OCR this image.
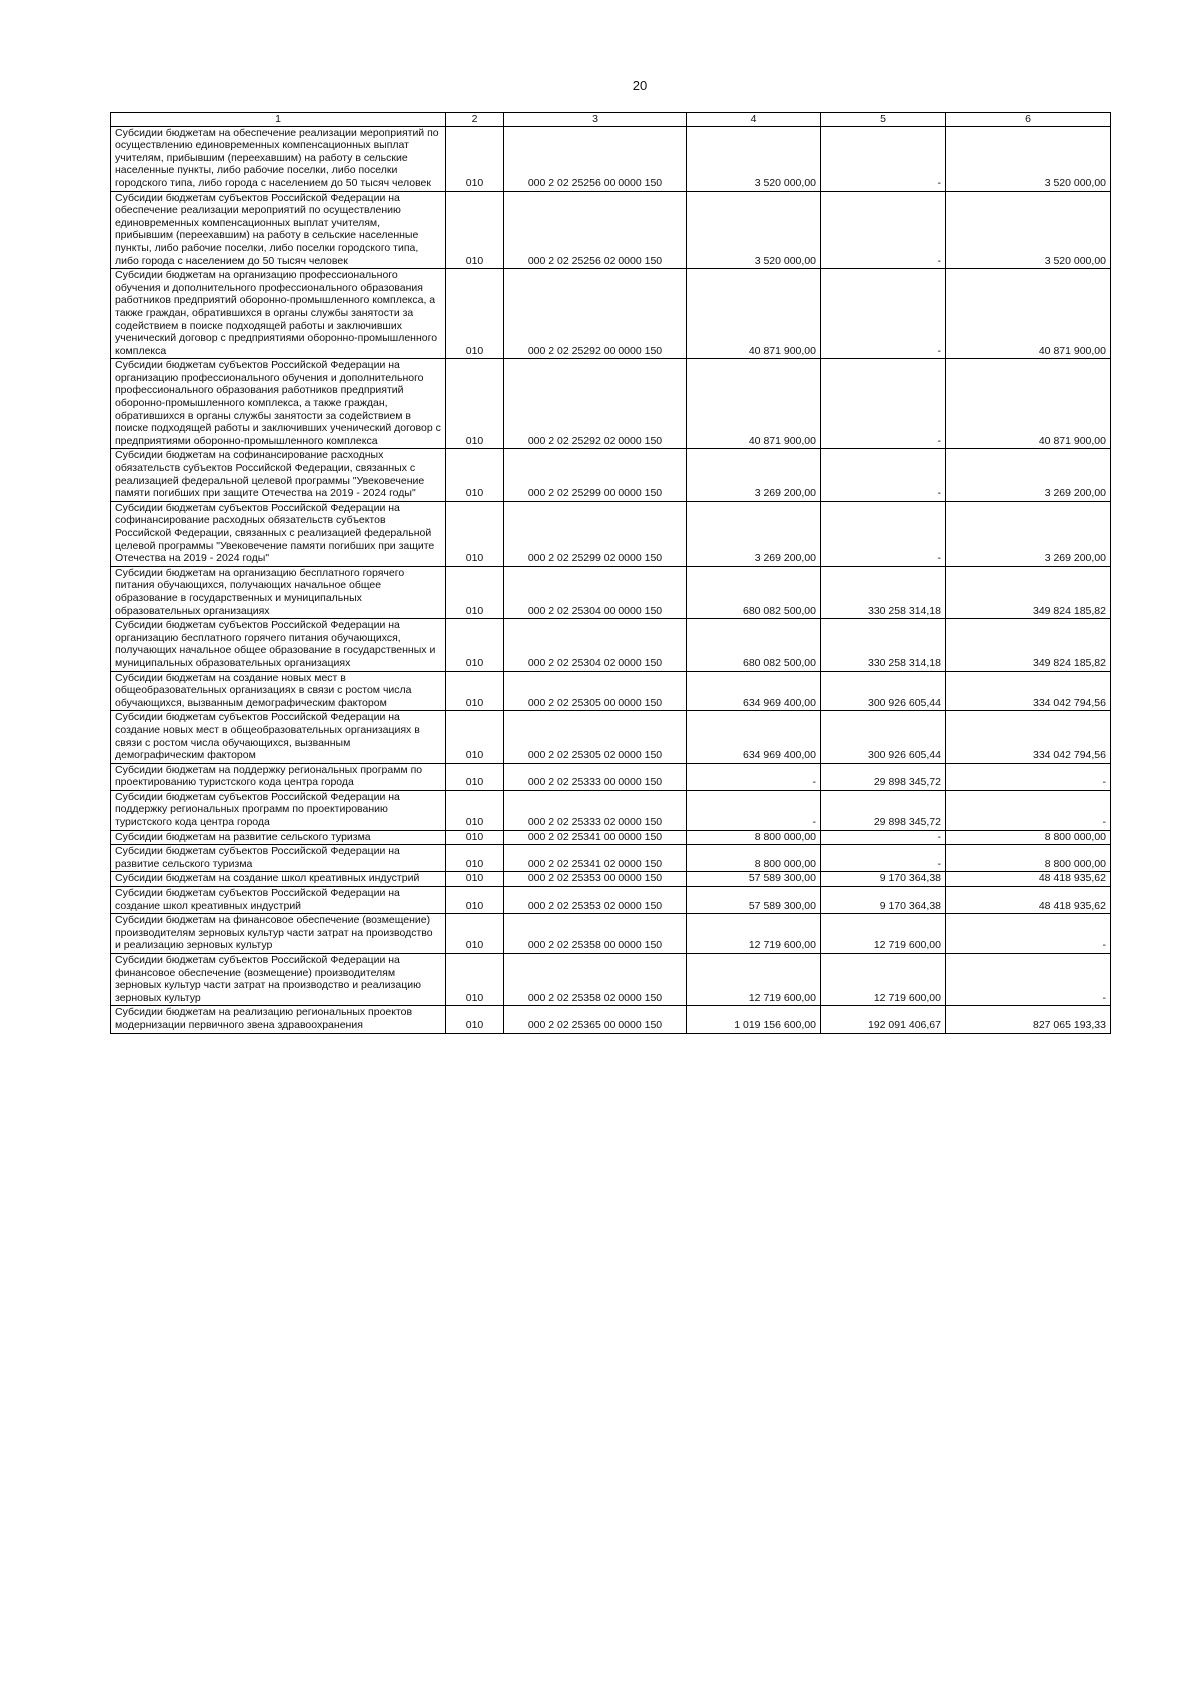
20
1	2	3	4	5	6
Субсидии бюджетам на обеспечение реализации мероприятий по осуществлению единовременных компенсационных выплат учителям, прибывшим (переехавшим) на работу в сельские населенные пункты, либо рабочие поселки, либо поселки городского типа, либо города с населением до 50 тысяч человек	010	000 2 02 25256 00 0000 150	3 520 000,00	-	3 520 000,00
Субсидии бюджетам субъектов Российской Федерации на обеспечение реализации мероприятий по осуществлению единовременных компенсационных выплат учителям, прибывшим (переехавшим) на работу в сельские населенные пункты, либо рабочие поселки, либо поселки городского типа, либо города с населением до 50 тысяч человек	010	000 2 02 25256 02 0000 150	3 520 000,00	-	3 520 000,00
Субсидии бюджетам на организацию профессионального обучения и дополнительного профессионального образования работников предприятий оборонно-промышленного комплекса, а также граждан, обратившихся в органы службы занятости за содействием в поиске подходящей работы и заключивших ученический договор с предприятиями оборонно-промышленного комплекса	010	000 2 02 25292 00 0000 150	40 871 900,00	-	40 871 900,00
Субсидии бюджетам субъектов Российской Федерации на организацию профессионального обучения и дополнительного профессионального образования работников предприятий оборонно-промышленного комплекса, а также граждан, обратившихся в органы службы занятости за содействием в поиске подходящей работы и заключивших ученический договор с предприятиями оборонно-промышленного комплекса	010	000 2 02 25292 02 0000 150	40 871 900,00	-	40 871 900,00
Субсидии бюджетам на софинансирование расходных обязательств субъектов Российской Федерации, связанных с реализацией федеральной целевой программы "Увековечение памяти погибших при защите Отечества на 2019 - 2024 годы"	010	000 2 02 25299 00 0000 150	3 269 200,00	-	3 269 200,00
Субсидии бюджетам субъектов Российской Федерации на софинансирование расходных обязательств субъектов Российской Федерации, связанных с реализацией федеральной целевой программы "Увековечение памяти погибших при защите Отечества на 2019 - 2024 годы"	010	000 2 02 25299 02 0000 150	3 269 200,00	-	3 269 200,00
Субсидии бюджетам на организацию бесплатного горячего питания обучающихся, получающих начальное общее образование в государственных и муниципальных образовательных организациях	010	000 2 02 25304 00 0000 150	680 082 500,00	330 258 314,18	349 824 185,82
Субсидии бюджетам субъектов Российской Федерации на организацию бесплатного горячего питания обучающихся, получающих начальное общее образование в государственных и муниципальных образовательных организациях	010	000 2 02 25304 02 0000 150	680 082 500,00	330 258 314,18	349 824 185,82
Субсидии бюджетам на создание новых мест в общеобразовательных организациях в связи с ростом числа обучающихся, вызванным демографическим фактором	010	000 2 02 25305 00 0000 150	634 969 400,00	300 926 605,44	334 042 794,56
Субсидии бюджетам субъектов Российской Федерации на создание новых мест в общеобразовательных организациях в связи с ростом числа обучающихся, вызванным демографическим фактором	010	000 2 02 25305 02 0000 150	634 969 400,00	300 926 605,44	334 042 794,56
Субсидии бюджетам на поддержку региональных программ по проектированию туристского кода центра города	010	000 2 02 25333 00 0000 150	-	29 898 345,72	-
Субсидии бюджетам субъектов Российской Федерации на поддержку региональных программ по проектированию туристского кода центра города	010	000 2 02 25333 02 0000 150	-	29 898 345,72	-
Субсидии бюджетам на развитие сельского туризма	010	000 2 02 25341 00 0000 150	8 800 000,00	-	8 800 000,00
Субсидии бюджетам субъектов Российской Федерации на развитие сельского туризма	010	000 2 02 25341 02 0000 150	8 800 000,00	-	8 800 000,00
Субсидии бюджетам на создание школ креативных индустрий	010	000 2 02 25353 00 0000 150	57 589 300,00	9 170 364,38	48 418 935,62
Субсидии бюджетам субъектов Российской Федерации на создание школ креативных индустрий	010	000 2 02 25353 02 0000 150	57 589 300,00	9 170 364,38	48 418 935,62
Субсидии бюджетам на финансовое обеспечение (возмещение) производителям зерновых культур части затрат на производство и реализацию зерновых культур	010	000 2 02 25358 00 0000 150	12 719 600,00	12 719 600,00	-
Субсидии бюджетам субъектов Российской Федерации на финансовое обеспечение (возмещение) производителям зерновых культур части затрат на производство и реализацию зерновых культур	010	000 2 02 25358 02 0000 150	12 719 600,00	12 719 600,00	-
Субсидии бюджетам на реализацию региональных проектов модернизации первичного звена здравоохранения	010	000 2 02 25365 00 0000 150	1 019 156 600,00	192 091 406,67	827 065 193,33
